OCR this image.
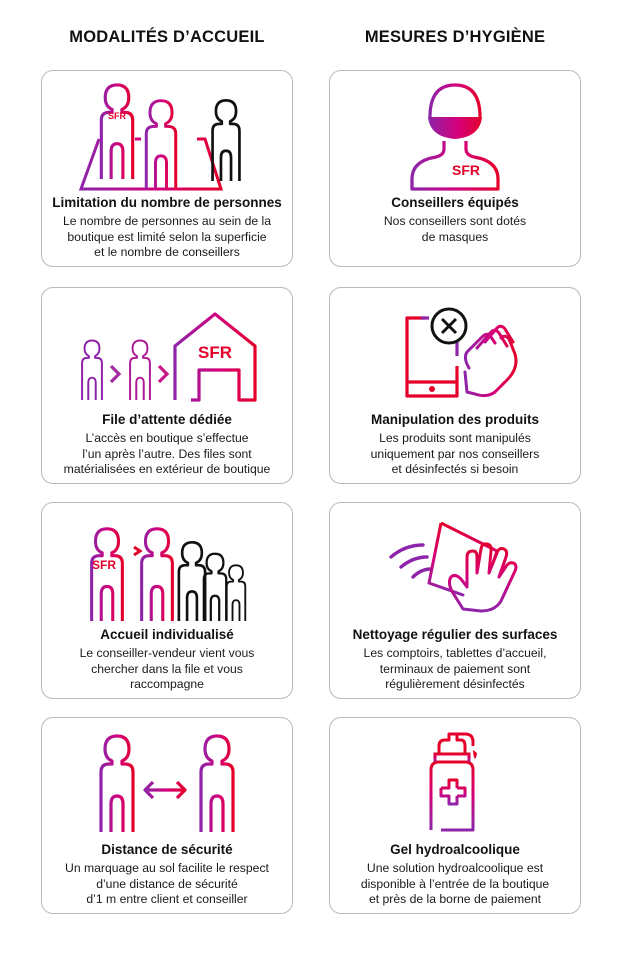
MODALITÉS D’ACCUEIL	MESURES D’HYGIÈNE
SFR
Limitation du nombre de personnes
Le nombre de personnes au sein de la
boutique est limité selon la superficie
et le nombre de conseillers
SFR
Conseillers équipés
Nos conseillers sont dotés
de masques
SFR
File d’attente dédiée
L’accès en boutique s’effectue
l’un après l’autre. Des files sont
matérialisées en extérieur de boutique
Manipulation des produits
Les produits sont manipulés
uniquement par nos conseillers
et désinfectés si besoin
SFR
Accueil individualisé
Le conseiller-vendeur vient vous
chercher dans la file et vous
raccompagne
Nettoyage régulier des surfaces
Les comptoirs, tablettes d’accueil,
terminaux de paiement sont
régulièrement désinfectés
Distance de sécurité
Un marquage au sol facilite le respect
d’une distance de sécurité
d’1 m entre client et conseiller
Gel hydroalcoolique
Une solution hydroalcoolique est
disponible à l’entrée de la boutique
et près de la borne de paiement
